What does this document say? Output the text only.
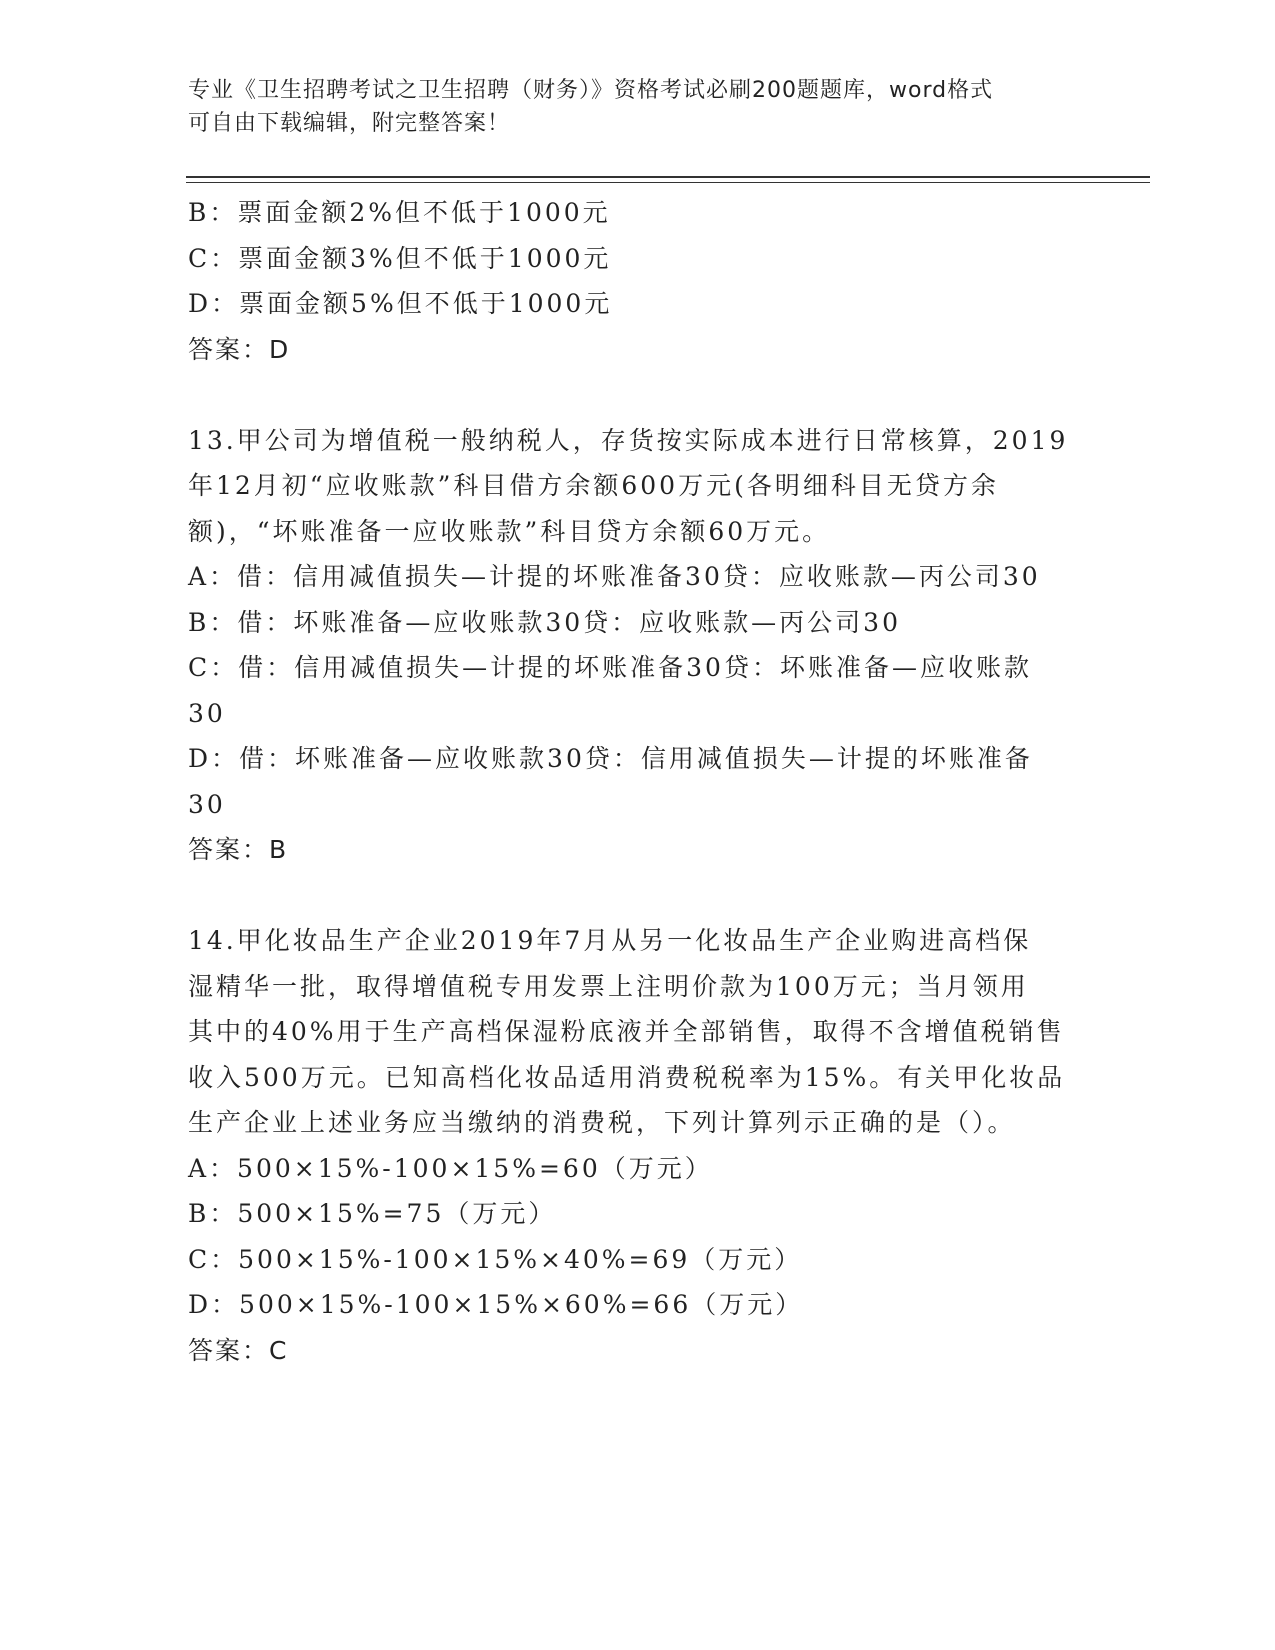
专业《卫生招聘考试之卫生招聘（财务）》资格考试必刷200题题库，word格式
可自由下载编辑，附完整答案！
B：票面金额2%但不低于1000元
C：票面金额3%但不低于1000元
D：票面金额5%但不低于1000元
答案：D
13.甲公司为增值税一般纳税人，存货按实际成本进行日常核算，2019
年12月初“应收账款”科目借方余额600万元(各明细科目无贷方余
额)，“坏账准备一应收账款”科目贷方余额60万元。
A：借：信用减值损失—计提的坏账准备30贷：应收账款—丙公司30
B：借：坏账准备—应收账款30贷：应收账款—丙公司30
C：借：信用减值损失—计提的坏账准备30贷：坏账准备—应收账款
30
D：借：坏账准备—应收账款30贷：信用减值损失—计提的坏账准备
30
答案：B
14.甲化妆品生产企业2019年7月从另一化妆品生产企业购进高档保
湿精华一批，取得增值税专用发票上注明价款为100万元；当月领用
其中的40%用于生产高档保湿粉底液并全部销售，取得不含增值税销售
收入500万元。已知高档化妆品适用消费税税率为15%。有关甲化妆品
生产企业上述业务应当缴纳的消费税，下列计算列示正确的是（）。
A：500×15%-100×15%=60（万元）
B：500×15%=75（万元）
C：500×15%-100×15%×40%=69（万元）
D：500×15%-100×15%×60%=66（万元）
答案：C
